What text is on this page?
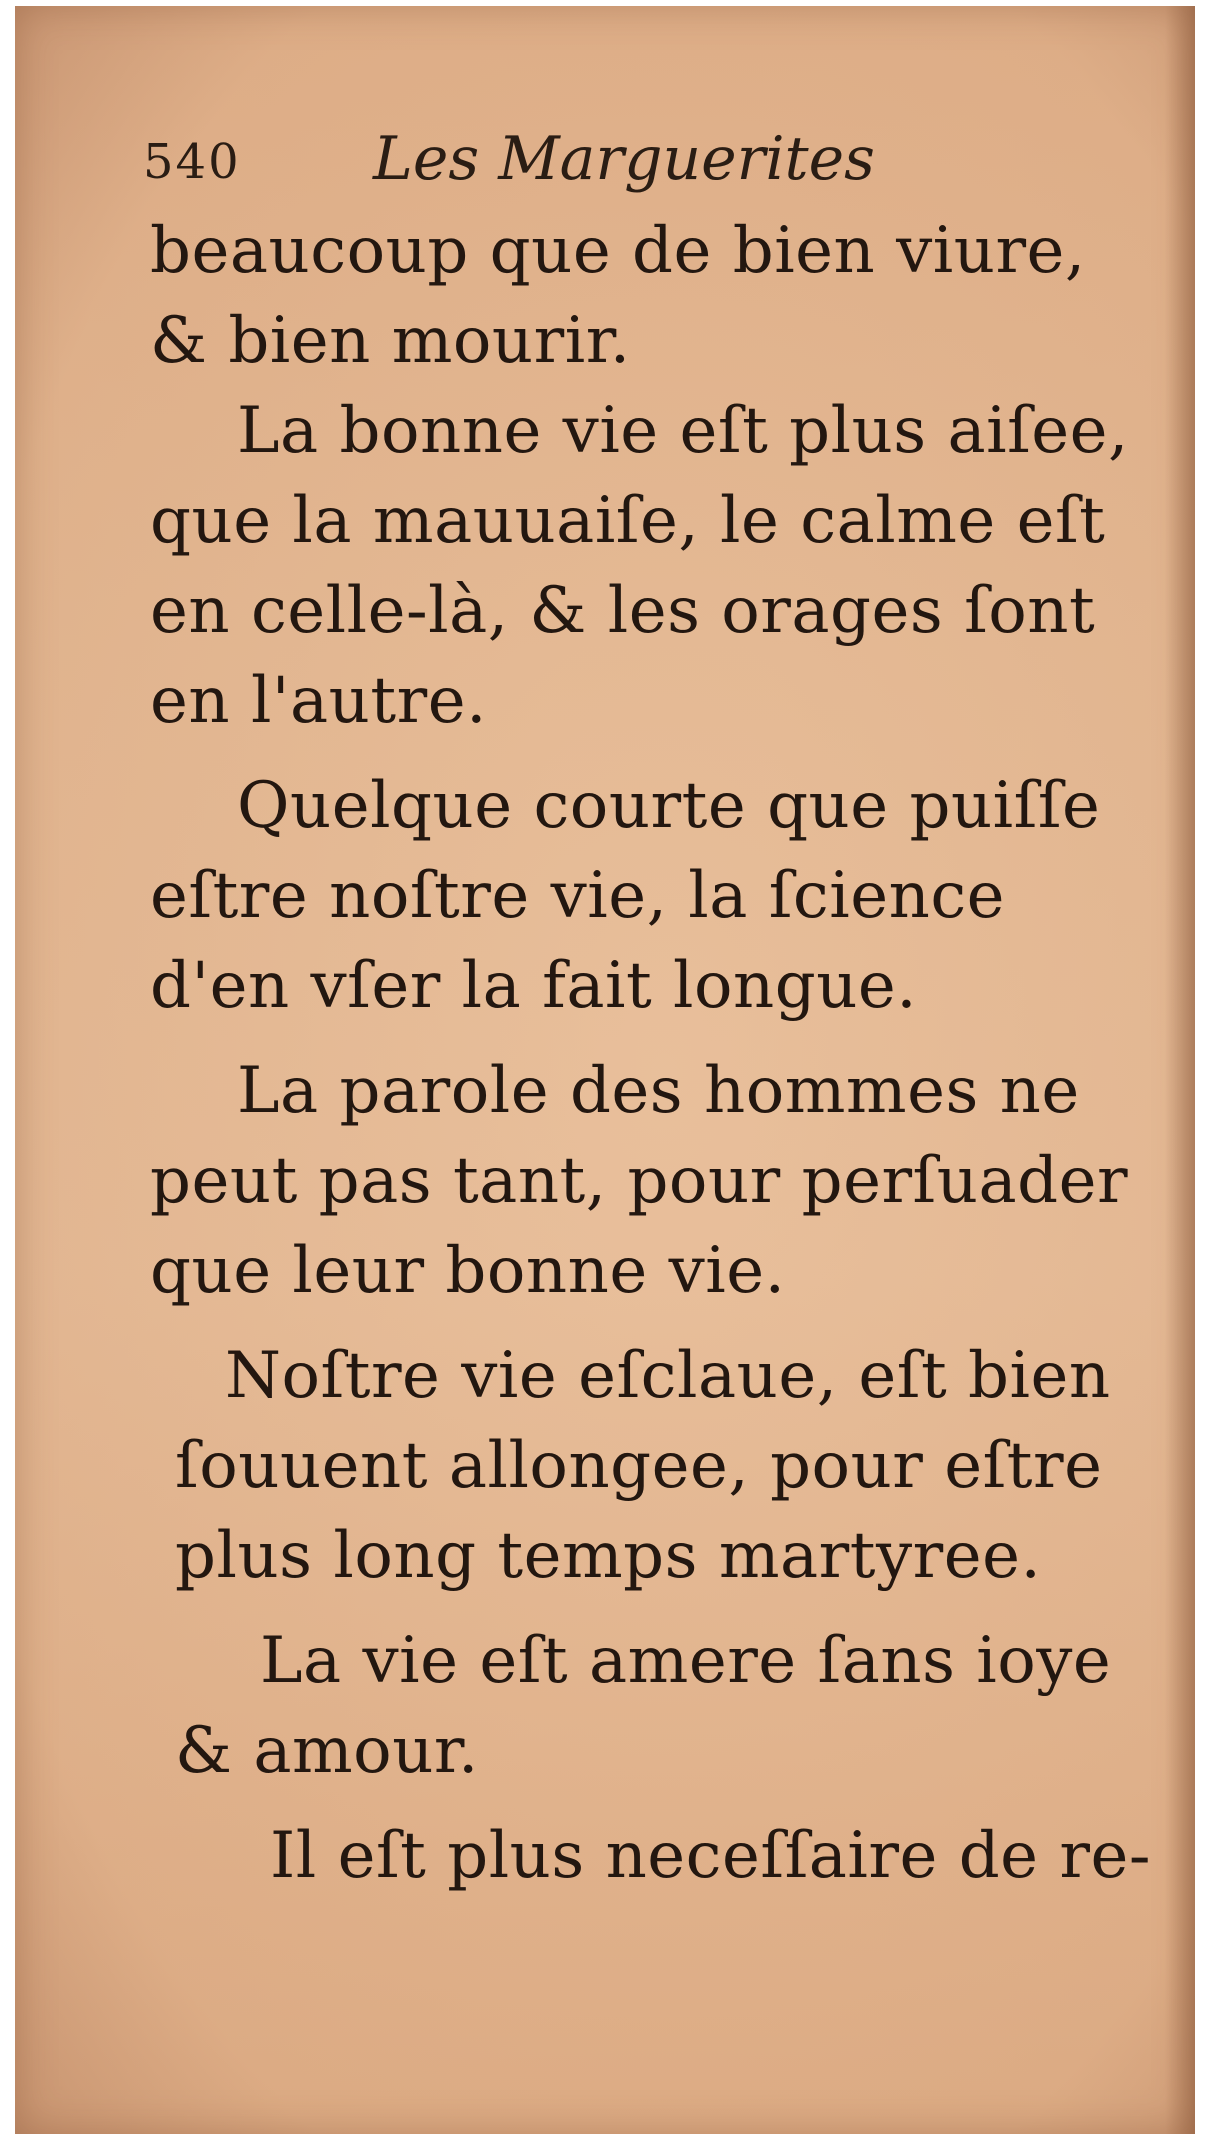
540 Les Marguerites
beaucoup que de bien viure,
& bien mourir.
La bonne vie eſt plus aiſee,
que la mauuaiſe, le calme eſt
en celle-là, & les orages ſont
en l'autre.
Quelque courte que puiſſe
eſtre noſtre vie, la ſcience
d'en vſer la fait longue.
La parole des hommes ne
peut pas tant, pour perſuader
que leur bonne vie.
Noſtre vie eſclaue, eſt bien
ſouuent allongee, pour eſtre
plus long temps martyree.
La vie eſt amere ſans ioye
& amour.
Il eſt plus neceſſaire de re-
